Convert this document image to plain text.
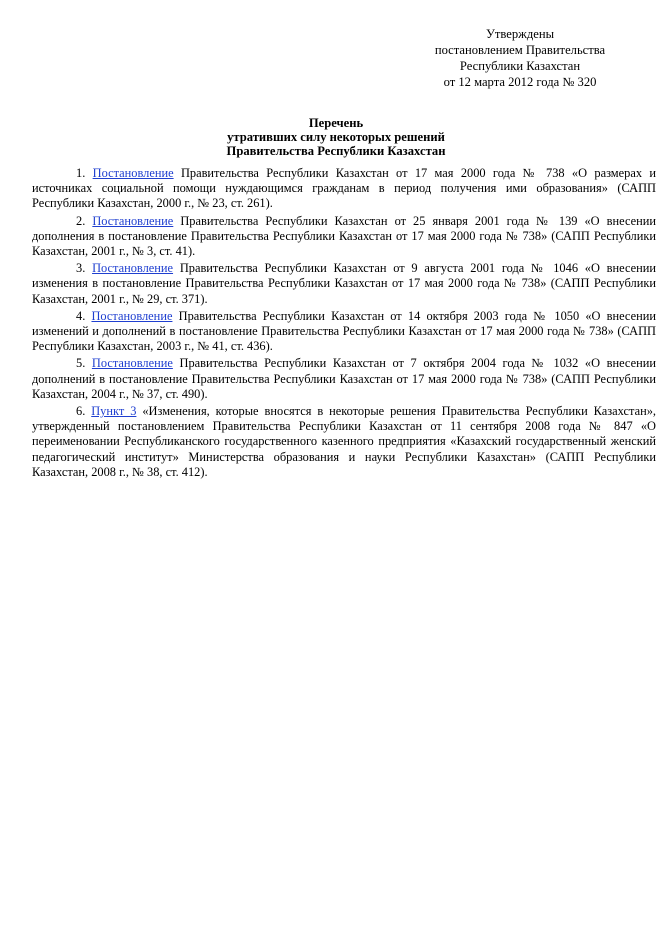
Утверждены
постановлением Правительства
Республики Казахстан
от 12 марта 2012 года № 320
Перечень
утративших силу некоторых решений
Правительства Республики Казахстан

1. Постановление Правительства Республики Казахстан от 17 мая 2000 года № 738 «О размерах и источниках социальной помощи нуждающимся гражданам в период получения ими образования» (САПП Республики Казахстан, 2000 г., № 23, ст. 261).

2. Постановление Правительства Республики Казахстан от 25 января 2001 года № 139 «О внесении дополнения в постановление Правительства Республики Казахстан от 17 мая 2000 года № 738» (САПП Республики Казахстан, 2001 г., № 3, ст. 41).

3. Постановление Правительства Республики Казахстан от 9 августа 2001 года № 1046 «О внесении изменения в постановление Правительства Республики Казахстан от 17 мая 2000 года № 738» (САПП Республики Казахстан, 2001 г., № 29, ст. 371).

4. Постановление Правительства Республики Казахстан от 14 октября 2003 года № 1050 «О внесении изменений и дополнений в постановление Правительства Республики Казахстан от 17 мая 2000 года № 738» (САПП Республики Казахстан, 2003 г., № 41, ст. 436).

5. Постановление Правительства Республики Казахстан от 7 октября 2004 года № 1032 «О внесении дополнений в постановление Правительства Республики Казахстан от 17 мая 2000 года № 738» (САПП Республики Казахстан, 2004 г., № 37, ст. 490).

6. Пункт 3 «Изменения, которые вносятся в некоторые решения Правительства Республики Казахстан», утвержденный постановлением Правительства Республики Казахстан от 11 сентября 2008 года № 847 «О переименовании Республиканского государственного казенного предприятия «Казахский государственный женский педагогический институт» Министерства образования и науки Республики Казахстан» (САПП Республики Казахстан, 2008 г., № 38, ст. 412).
